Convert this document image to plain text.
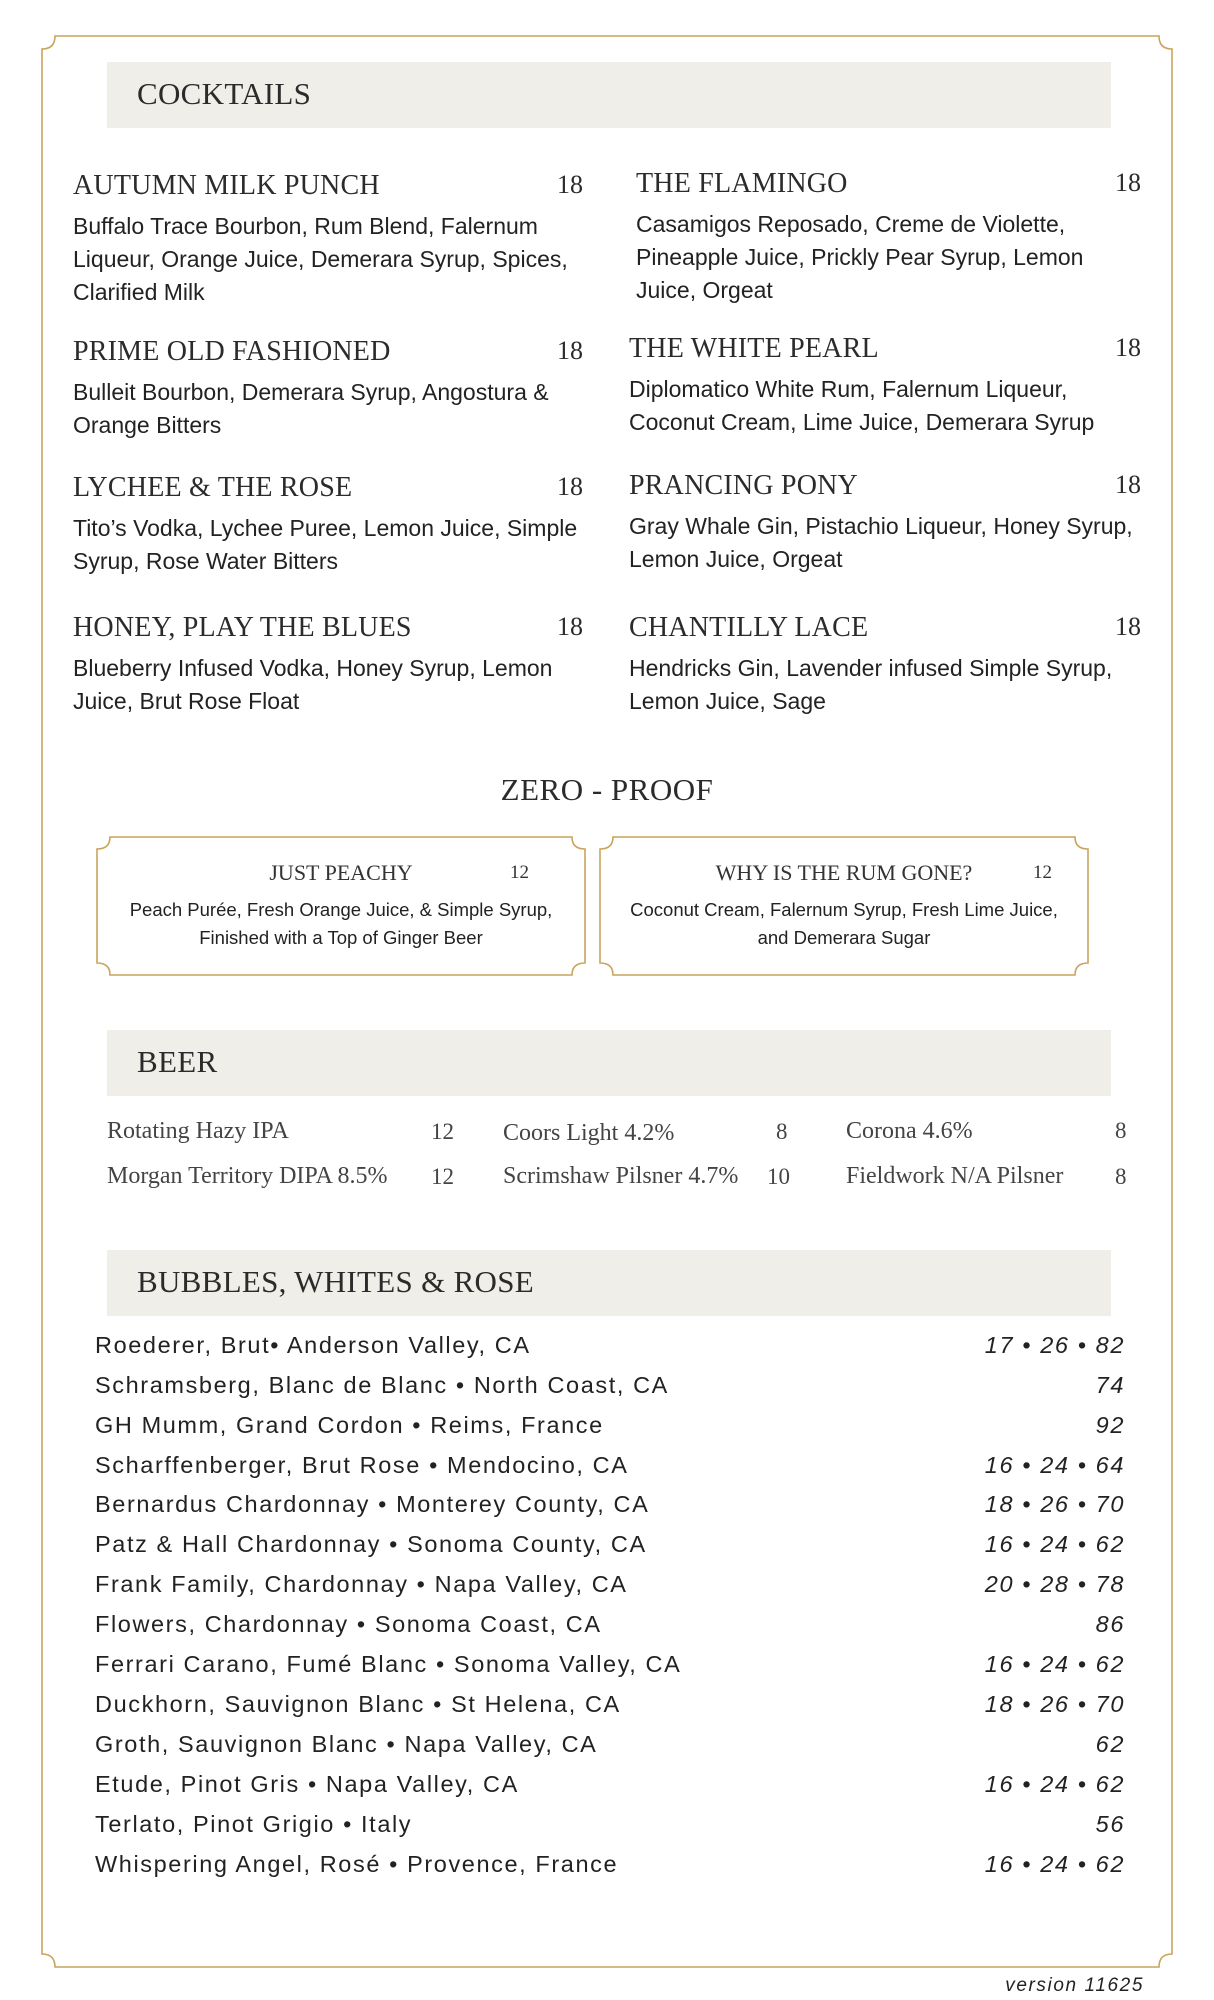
COCKTAILS
AUTUMN MILK PUNCH	18
Buffalo Trace Bourbon, Rum Blend, Falernum Liqueur, Orange Juice, Demerara Syrup, Spices, Clarified Milk
THE FLAMINGO	18
Casamigos Reposado, Creme de Violette, Pineapple Juice, Prickly Pear Syrup, Lemon Juice, Orgeat
PRIME OLD FASHIONED	18
Bulleit Bourbon, Demerara Syrup, Angostura & Orange Bitters
THE WHITE PEARL	18
Diplomatico White Rum, Falernum Liqueur, Coconut Cream, Lime Juice, Demerara Syrup
LYCHEE & THE ROSE	18
Tito’s Vodka, Lychee Puree, Lemon Juice, Simple Syrup, Rose Water Bitters
PRANCING PONY	18
Gray Whale Gin, Pistachio Liqueur, Honey Syrup, Lemon Juice, Orgeat
HONEY, PLAY THE BLUES	18
Blueberry Infused Vodka, Honey Syrup, Lemon Juice, Brut Rose Float
CHANTILLY LACE	18
Hendricks Gin, Lavender infused Simple Syrup, Lemon Juice, Sage
ZERO - PROOF
JUST PEACHY	12
Peach Purée, Fresh Orange Juice, & Simple Syrup, Finished with a Top of Ginger Beer
WHY IS THE RUM GONE?	12
Coconut Cream, Falernum Syrup, Fresh Lime Juice, and Demerara Sugar
BEER
Rotating Hazy IPA	12 Coors Light 4.2%	8 Corona 4.6%	8
Morgan Territory DIPA 8.5% 12 Scrimshaw Pilsner 4.7% 10 Fieldwork N/A Pilsner 8
BUBBLES, WHITES & ROSE
Roederer, Brut• Anderson Valley, CA	17 • 26 • 82
Schramsberg, Blanc de Blanc • North Coast, CA	74
GH Mumm, Grand Cordon • Reims, France	92
Scharffenberger, Brut Rose • Mendocino, CA	16 • 24 • 64
Bernardus Chardonnay • Monterey County, CA	18 • 26 • 70
Patz & Hall Chardonnay • Sonoma County, CA	16 • 24 • 62
Frank Family, Chardonnay • Napa Valley, CA	20 • 28 • 78
Flowers, Chardonnay • Sonoma Coast, CA	86
Ferrari Carano, Fumé Blanc • Sonoma Valley, CA	16 • 24 • 62
Duckhorn, Sauvignon Blanc • St Helena, CA	18 • 26 • 70
Groth, Sauvignon Blanc • Napa Valley, CA	62
Etude, Pinot Gris • Napa Valley, CA	16 • 24 • 62
Terlato, Pinot Grigio • Italy	56
Whispering Angel, Rosé • Provence, France	16 • 24 • 62
version 11625
